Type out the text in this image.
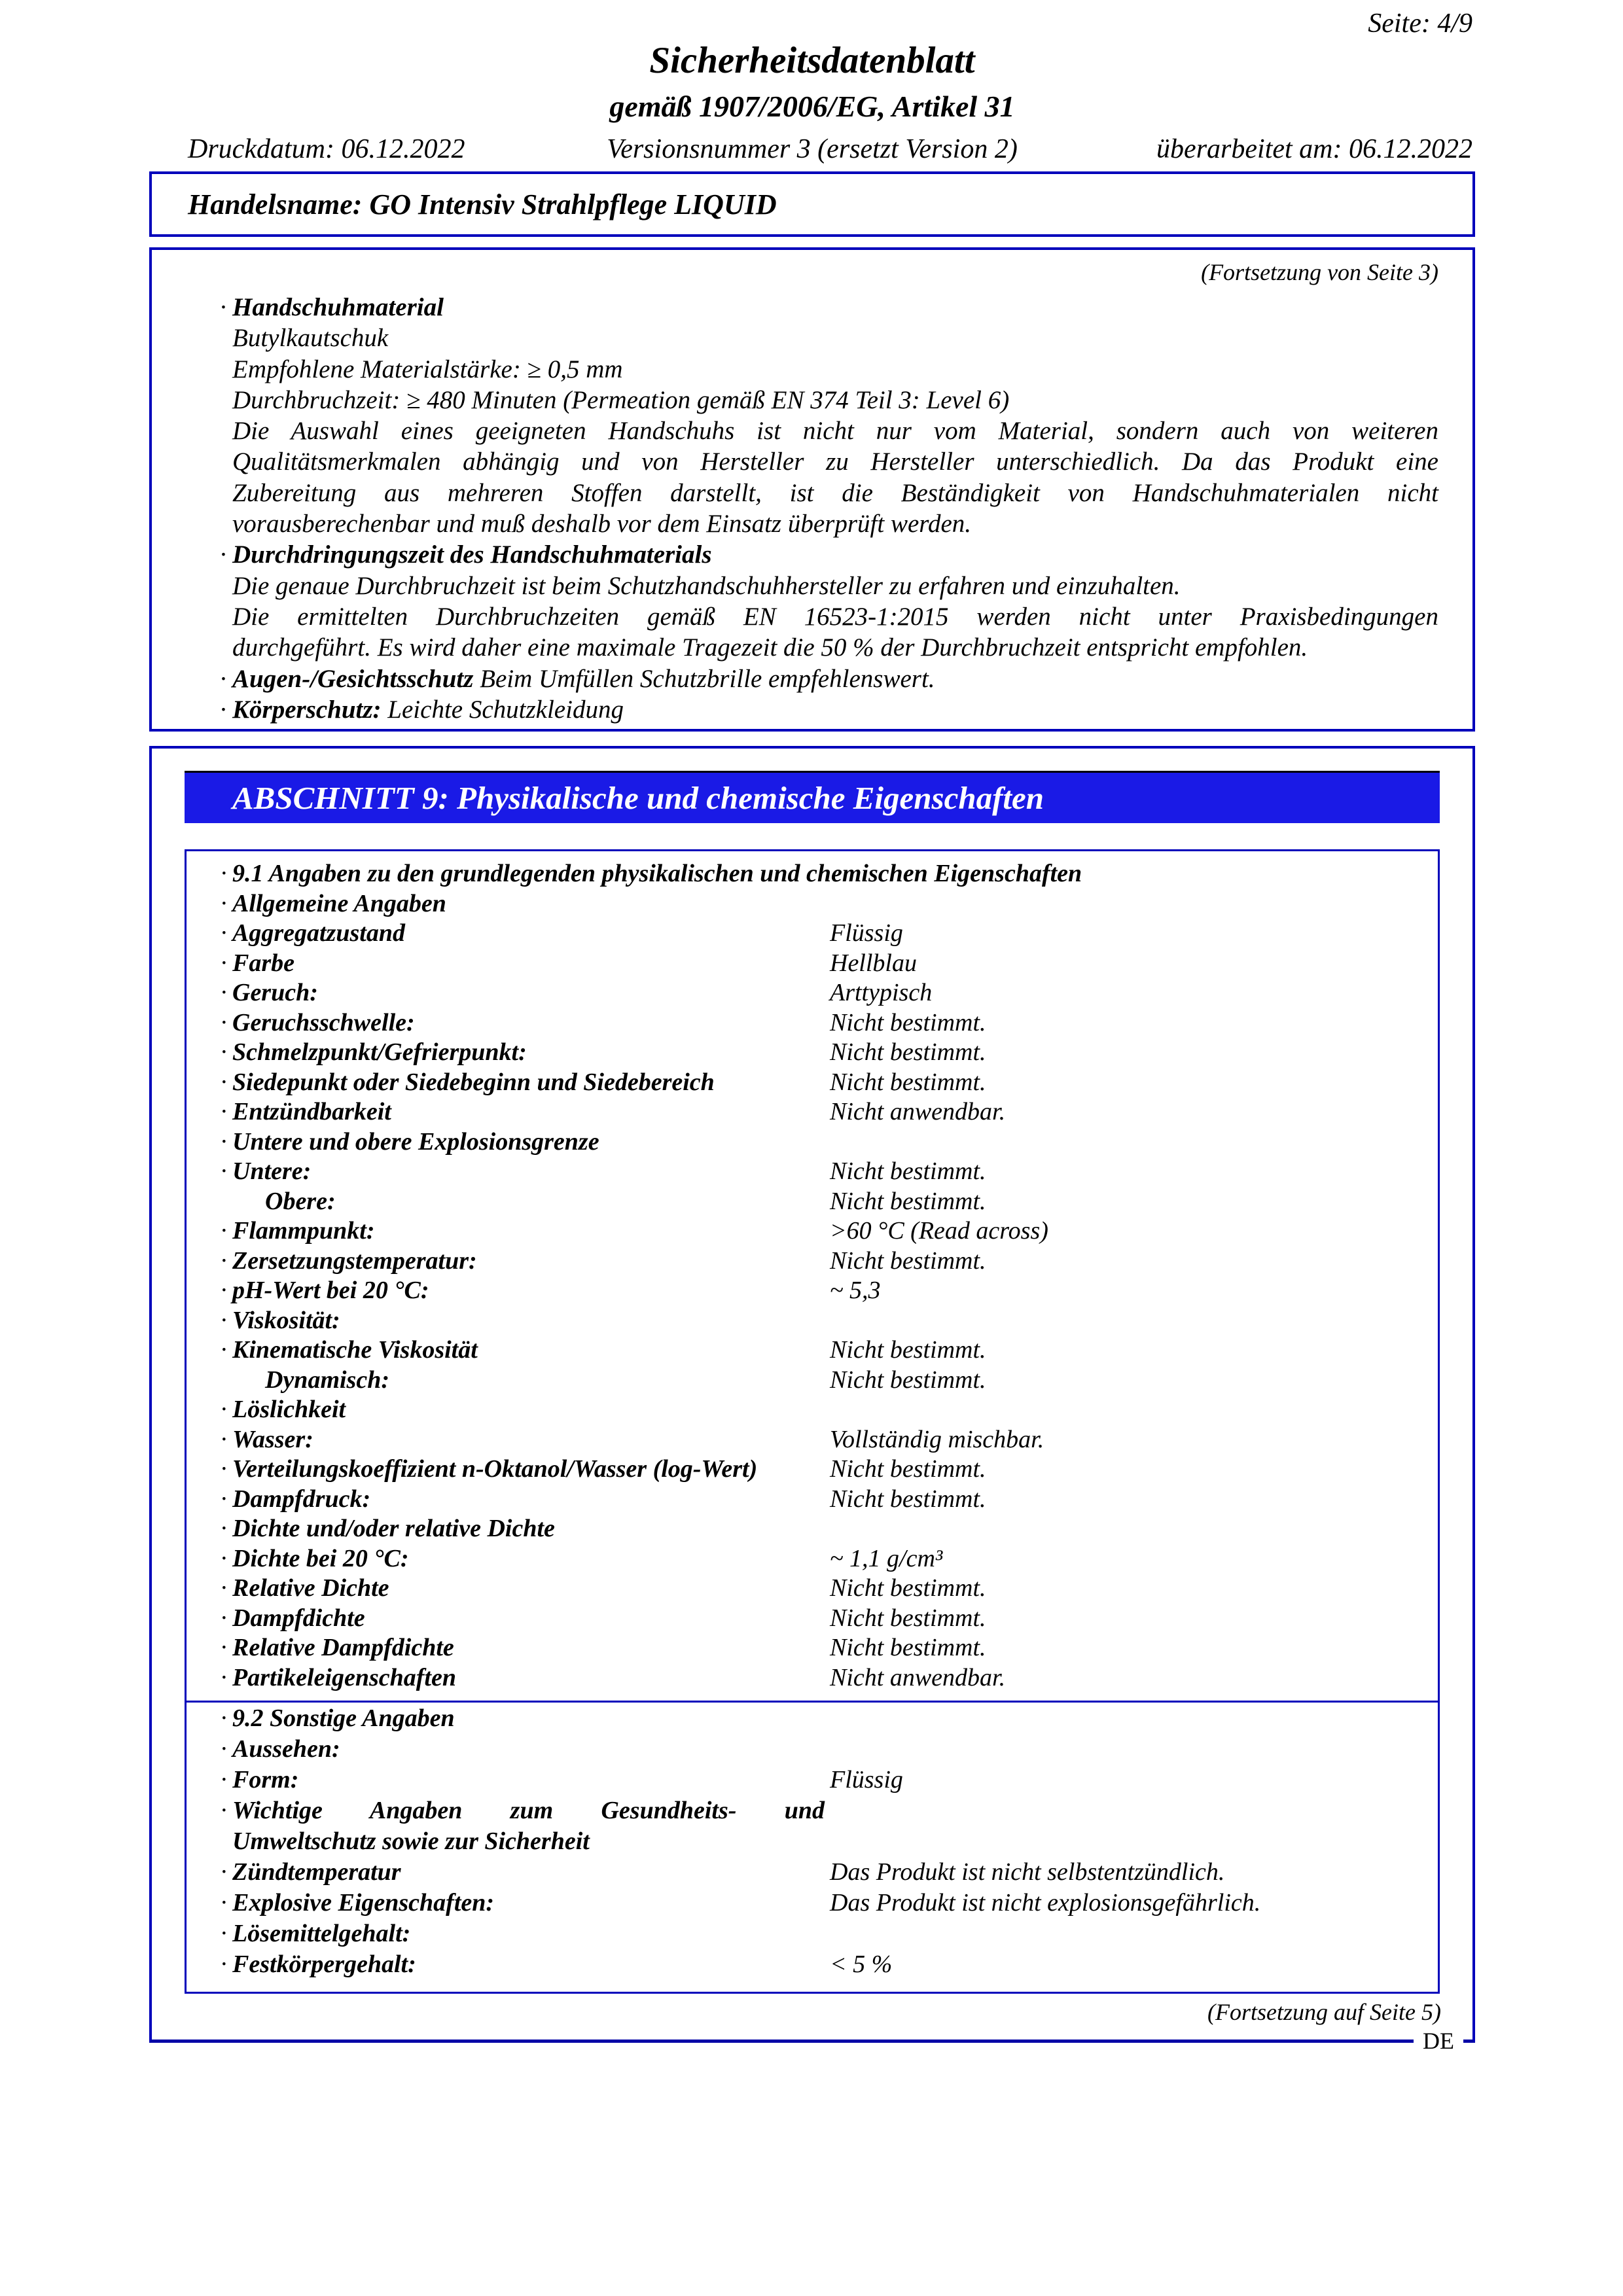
Seite: 4/9
Sicherheitsdatenblatt
gemäß 1907/2006/EG, Artikel 31
Druckdatum: 06.12.2022	Versionsnummer 3 (ersetzt Version 2)	überarbeitet am: 06.12.2022
Handelsname: GO Intensiv Strahlpflege LIQUID
(Fortsetzung von Seite 3)
· Handschuhmaterial
Butylkautschuk
Empfohlene Materialstärke: ≥ 0,5 mm
Durchbruchzeit: ≥ 480 Minuten (Permeation gemäß EN 374 Teil 3: Level 6)
Die Auswahl eines geeigneten Handschuhs ist nicht nur vom Material, sondern auch von weiteren
Qualitätsmerkmalen abhängig und von Hersteller zu Hersteller unterschiedlich. Da das Produkt eine
Zubereitung aus mehreren Stoffen darstellt, ist die Beständigkeit von Handschuhmaterialen nicht
vorausberechenbar und muß deshalb vor dem Einsatz überprüft werden.
· Durchdringungszeit des Handschuhmaterials
Die genaue Durchbruchzeit ist beim Schutzhandschuhhersteller zu erfahren und einzuhalten.
Die ermittelten Durchbruchzeiten gemäß EN 16523-1:2015 werden nicht unter Praxisbedingungen
durchgeführt. Es wird daher eine maximale Tragezeit die 50 % der Durchbruchzeit entspricht empfohlen.
· Augen-/Gesichtsschutz Beim Umfüllen Schutzbrille empfehlenswert.
· Körperschutz: Leichte Schutzkleidung
ABSCHNITT 9: Physikalische und chemische Eigenschaften
· 9.1 Angaben zu den grundlegenden physikalischen und chemischen Eigenschaften
· Allgemeine Angaben
· Aggregatzustand	Flüssig
· Farbe	Hellblau
· Geruch:	Arttypisch
· Geruchsschwelle:	Nicht bestimmt.
· Schmelzpunkt/Gefrierpunkt:	Nicht bestimmt.
· Siedepunkt oder Siedebeginn und Siedebereich	Nicht bestimmt.
· Entzündbarkeit	Nicht anwendbar.
· Untere und obere Explosionsgrenze
· Untere:	Nicht bestimmt.
Obere:	Nicht bestimmt.
· Flammpunkt:	>60 °C (Read across)
· Zersetzungstemperatur:	Nicht bestimmt.
· pH-Wert bei 20 °C:	~ 5,3
· Viskosität:
· Kinematische Viskosität	Nicht bestimmt.
Dynamisch:	Nicht bestimmt.
· Löslichkeit
· Wasser:	Vollständig mischbar.
· Verteilungskoeffizient n-Oktanol/Wasser (log-Wert)	Nicht bestimmt.
· Dampfdruck:	Nicht bestimmt.
· Dichte und/oder relative Dichte
· Dichte bei 20 °C:	~ 1,1 g/cm³
· Relative Dichte	Nicht bestimmt.
· Dampfdichte	Nicht bestimmt.
· Relative Dampfdichte	Nicht bestimmt.
· Partikeleigenschaften	Nicht anwendbar.
· 9.2 Sonstige Angaben
· Aussehen:
· Form:	Flüssig
· Wichtige Angaben zum Gesundheits- und
Umweltschutz sowie zur Sicherheit
· Zündtemperatur	Das Produkt ist nicht selbstentzündlich.
· Explosive Eigenschaften:	Das Produkt ist nicht explosionsgefährlich.
· Lösemittelgehalt:
· Festkörpergehalt:	< 5 %
(Fortsetzung auf Seite 5)
DE
